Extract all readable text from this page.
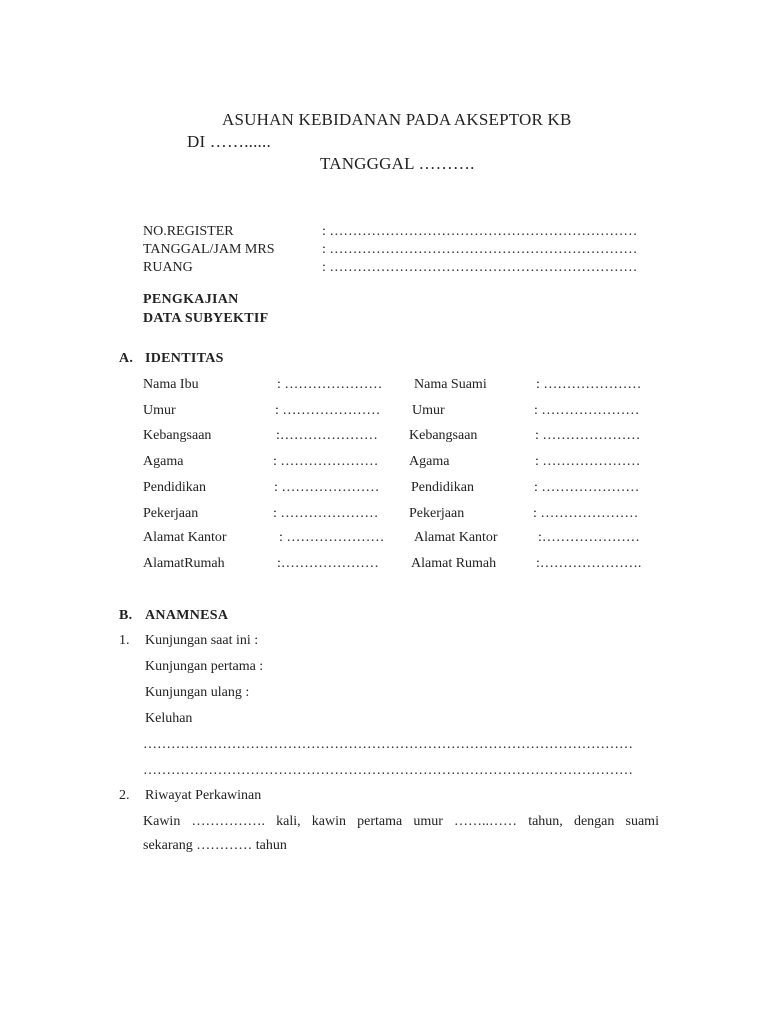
ASUHAN KEBIDANAN PADA AKSEPTOR KB
DI ……......
TANGGGAL ……….
NO.REGISTER	: …………………………………………………………
TANGGAL/JAM MRS	: …………………………………………………………
RUANG	: …………………………………………………………
PENGKAJIAN
DATA SUBYEKTIF
A. IDENTITAS
Nama Ibu	: ………………… Nama Suami	: …………………
Umur	: ………………… Umur	: …………………
Kebangsaan	:………………… Kebangsaan	: …………………
Agama	: ………………… Agama	: …………………
Pendidikan	: ………………… Pendidikan	: …………………
Pekerjaan	: ………………… Pekerjaan	: …………………
Alamat Kantor	: ………………… Alamat Kantor	:…………………
AlamatRumah	:………………… Alamat Rumah	:………………….
B. ANAMNESA
1. Kunjungan saat ini :
Kunjungan pertama :
Kunjungan ulang :
Keluhan
……………………………………………………………………………………………
……………………………………………………………………………………………
2. Riwayat Perkawinan
Kawin ……………. kali, kawin pertama umur ……..…… tahun, dengan suami
sekarang ………… tahun
